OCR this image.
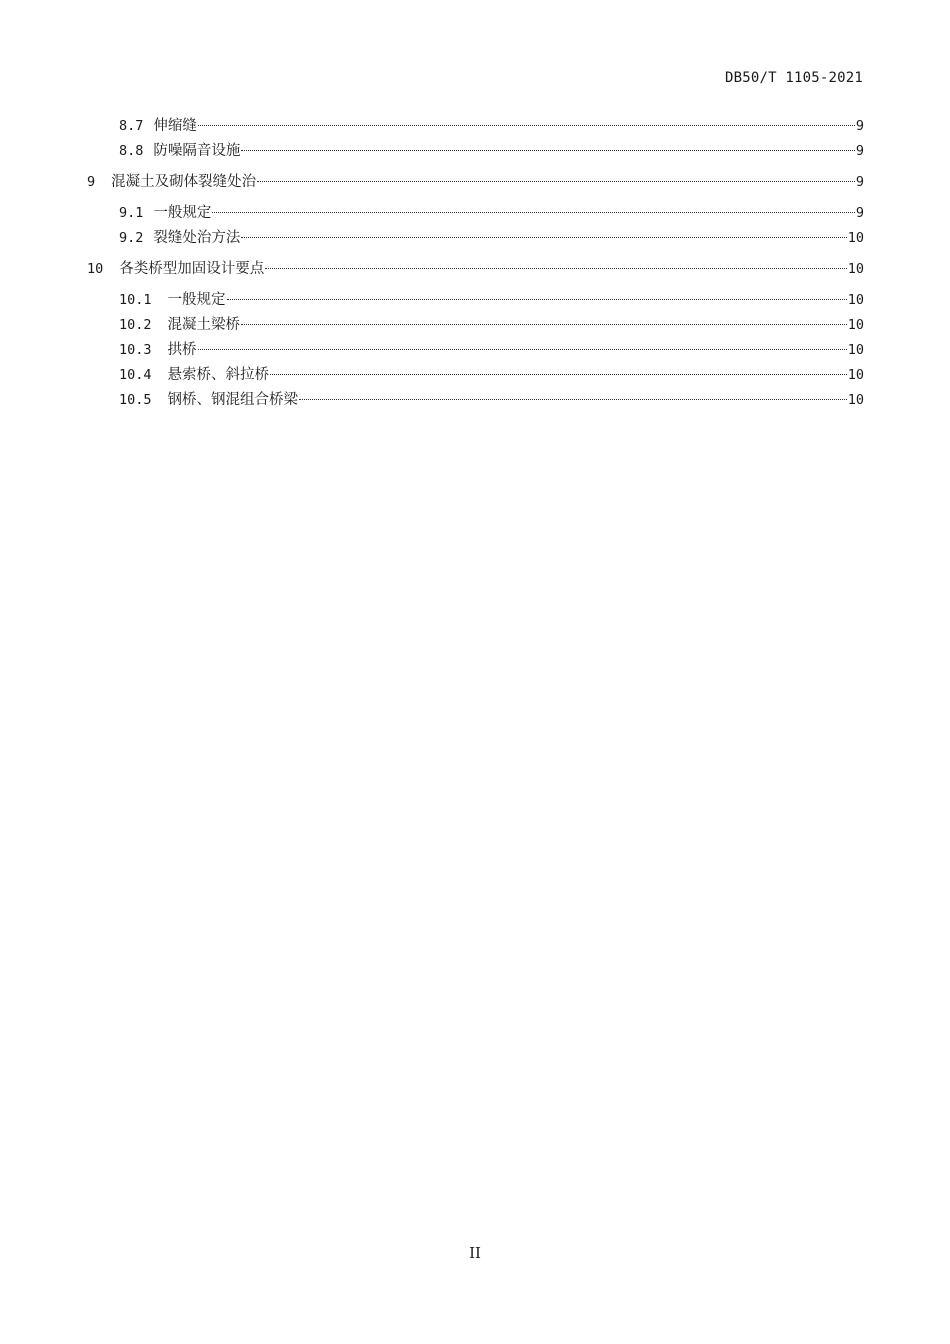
DB50/T 1105-2021
8.7 伸缩缝	9
8.8 防噪隔音设施	9
9 混凝土及砌体裂缝处治	9
9.1 一般规定	9
9.2 裂缝处治方法	10
10 各类桥型加固设计要点	10
10.1 一般规定	10
10.2 混凝土梁桥	10
10.3 拱桥	10
10.4 悬索桥、斜拉桥	10
10.5 钢桥、钢混组合桥梁	10
II
